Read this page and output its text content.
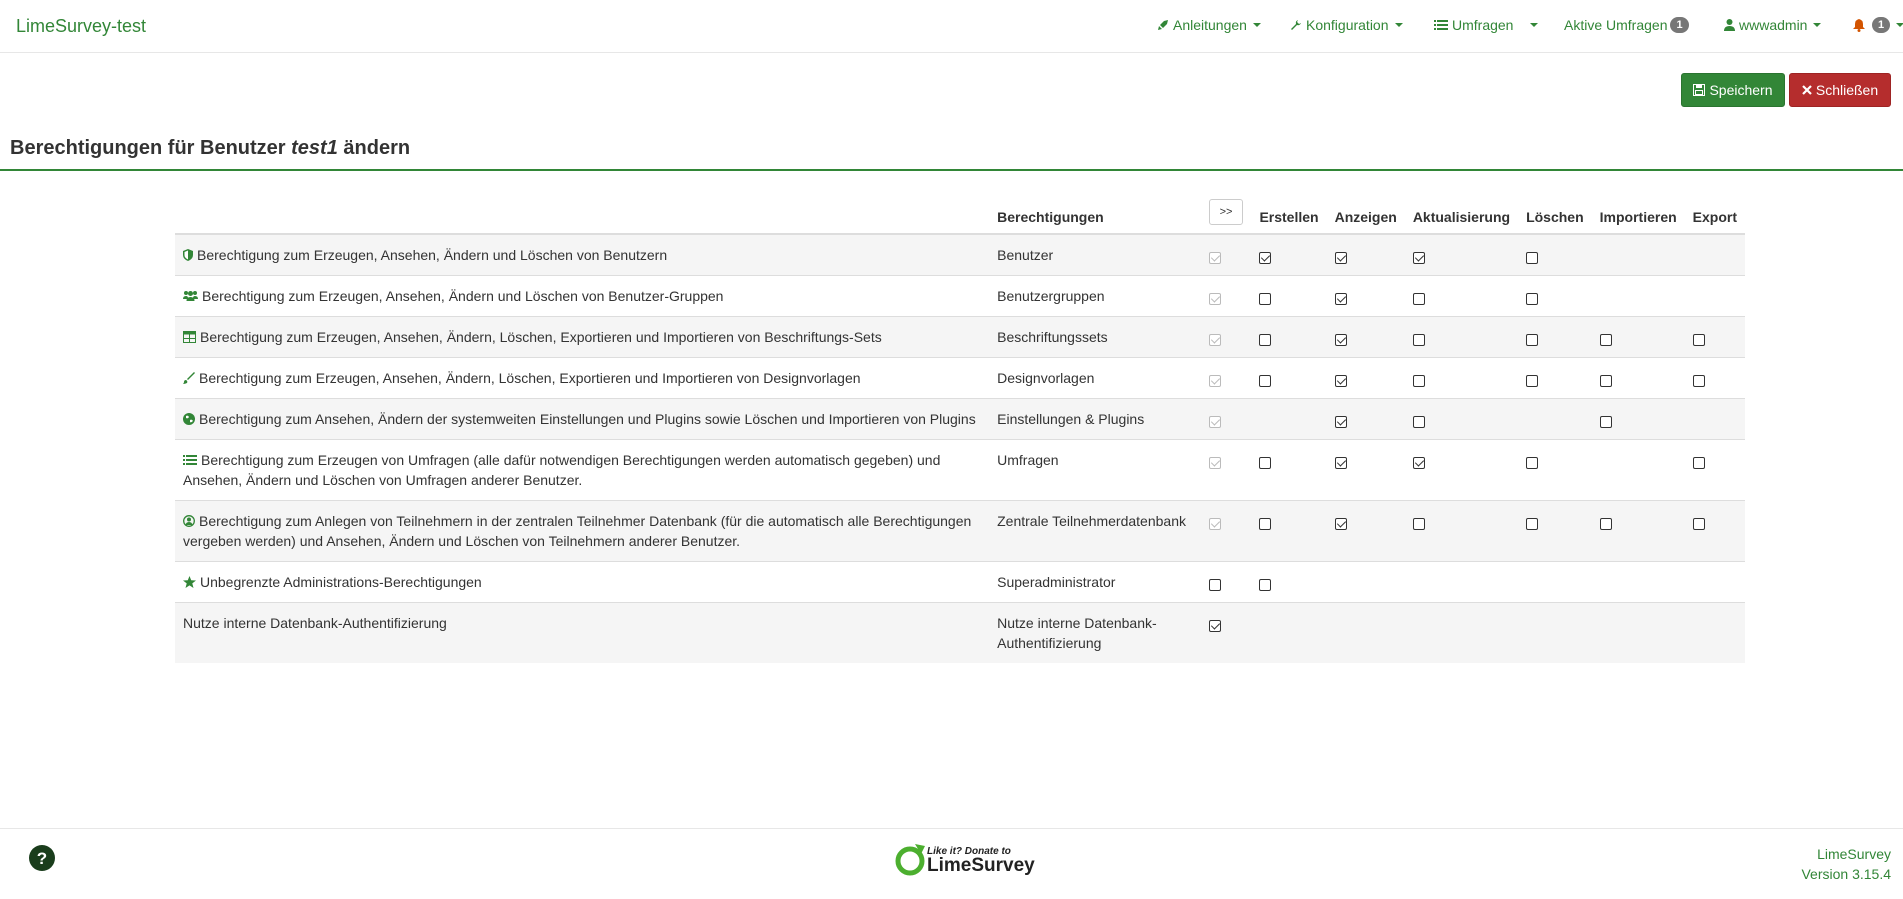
LimeSurvey-test	Anleitungen	Konfiguration	Umfragen	Aktive Umfragen 1	wwwadmin	1
Speichern	Schließen
Berechtigungen für Benutzer test1 ändern
	Berechtigungen	>>	Erstellen	Anzeigen	Aktualisierung	Löschen	Importieren	Export
Berechtigung zum Erzeugen, Ansehen, Ändern und Löschen von Benutzern	Benutzer							
Berechtigung zum Erzeugen, Ansehen, Ändern und Löschen von Benutzer-Gruppen	Benutzergruppen							
Berechtigung zum Erzeugen, Ansehen, Ändern, Löschen, Exportieren und Importieren von Beschriftungs-Sets	Beschriftungssets							
Berechtigung zum Erzeugen, Ansehen, Ändern, Löschen, Exportieren und Importieren von Designvorlagen	Designvorlagen							
Berechtigung zum Ansehen, Ändern der systemweiten Einstellungen und Plugins sowie Löschen und Importieren von Plugins	Einstellungen & Plugins							
Berechtigung zum Erzeugen von Umfragen (alle dafür notwendigen Berechtigungen werden automatisch gegeben) und Ansehen, Ändern und Löschen von Umfragen anderer Benutzer.	Umfragen							
Berechtigung zum Anlegen von Teilnehmern in der zentralen Teilnehmer Datenbank (für die automatisch alle Berechtigungen vergeben werden) und Ansehen, Ändern und Löschen von Teilnehmern anderer Benutzer.	Zentrale Teilnehmerdatenbank							
Unbegrenzte Administrations-Berechtigungen	Superadministrator							
Nutze interne Datenbank-Authentifizierung	Nutze interne Datenbank-Authentifizierung							
?	Like it? Donate to
LimeSurvey
LimeSurvey
Version 3.15.4
